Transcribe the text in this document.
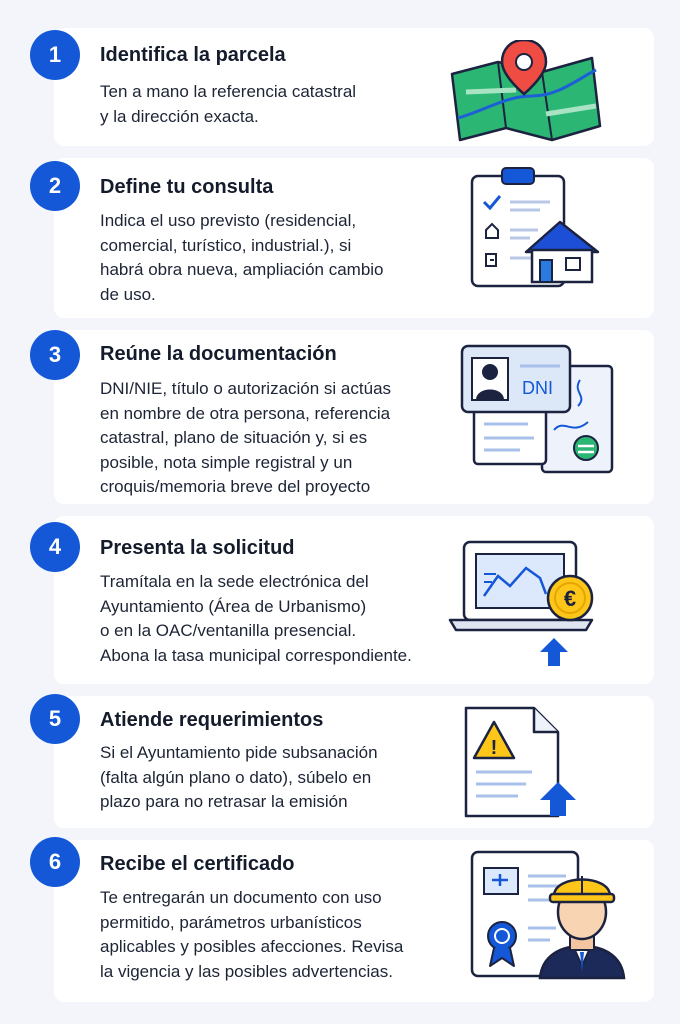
1	Identifica la parcela
Ten a mano la referencia catastral
y la dirección exacta.
2	Define tu consulta
Indica el uso previsto (residencial,
comercial, turístico, industrial.), si
habrá obra nueva, ampliación cambio
de uso.
3	Reúne la documentación
DNI/NIE, título o autorización si actúas
en nombre de otra persona, referencia
catastral, plano de situación y, si es
posible, nota simple registral y un
croquis/memoria breve del proyecto
DNI
4	Presenta la solicitud
Tramítala en la sede electrónica del
Ayuntamiento (Área de Urbanismo)
o en la OAC/ventanilla presencial.
Abona la tasa municipal correspondiente.
€
5	Atiende requerimientos
Si el Ayuntamiento pide subsanación
(falta algún plano o dato), súbelo en
plazo para no retrasar la emisión
!
6	Recibe el certificado
Te entregarán un documento con uso
permitido, parámetros urbanísticos
aplicables y posibles afecciones. Revisa
la vigencia y las posibles advertencias.
